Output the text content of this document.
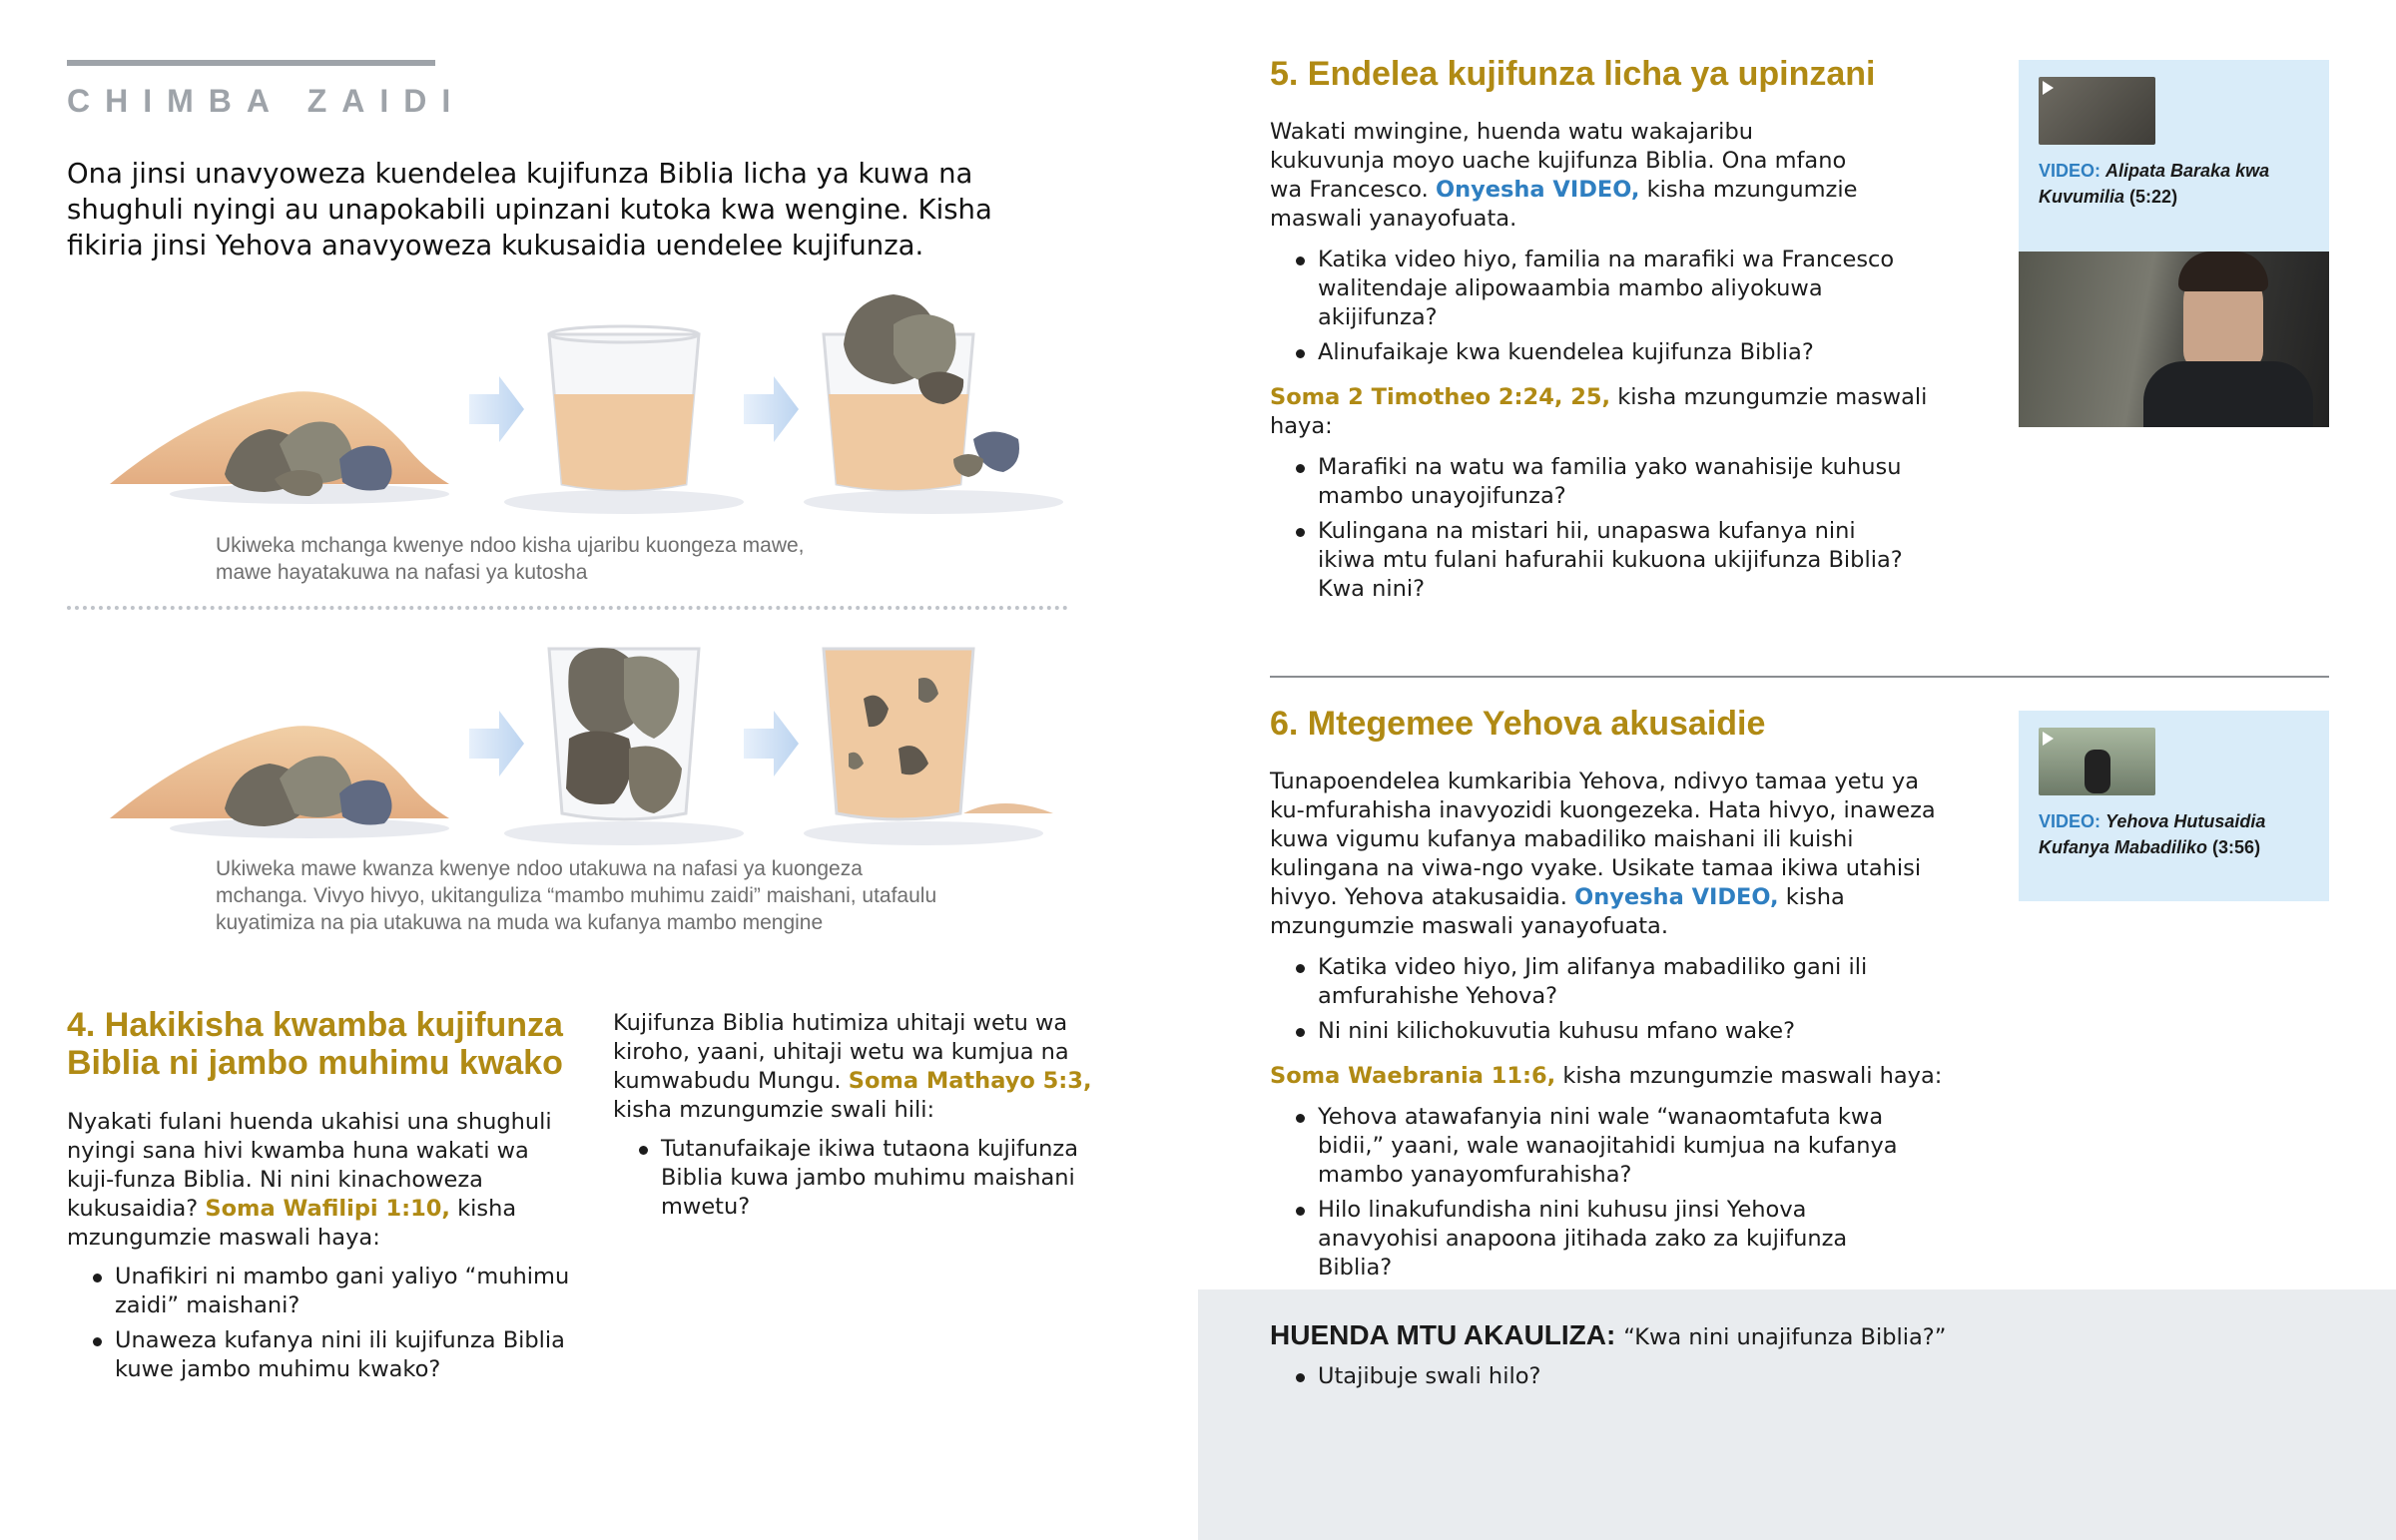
CHIMBA ZAIDI
Ona jinsi unavyoweza kuendelea kujifunza Biblia licha ya kuwa na shughuli nyingi au unapokabili upinzani kutoka kwa wengine. Kisha fikiria jinsi Yehova anavyoweza kukusaidia uendelee kujifunza.
Ukiweka mchanga kwenye ndoo kisha ujaribu kuongeza mawe, mawe hayatakuwa na nafasi ya kutosha
Ukiweka mawe kwanza kwenye ndoo utakuwa na nafasi ya kuongeza mchanga. Vivyo hivyo, ukitanguliza “mambo muhimu zaidi” maishani, utafaulu kuyatimiza na pia utakuwa na muda wa kufanya mambo mengine
4. Hakikisha kwamba kujifunza Biblia ni jambo muhimu kwako

Nyakati fulani huenda ukahisi una shughuli nyingi sana hivi kwamba huna wakati wa kuji-funza Biblia. Ni nini kinachoweza kukusaidia? Soma Wafilipi 1:10, kisha mzungumzie maswali haya:

Unafikiri ni mambo gani yaliyo “muhimu zaidi” maishani?
Unaweza kufanya nini ili kujifunza Biblia kuwe jambo muhimu kwako?

Kujifunza Biblia hutimiza uhitaji wetu wa kiroho, yaani, uhitaji wetu wa kumjua na kumwabudu Mungu. Soma Mathayo 5:3, kisha mzungumzie swali hili:

Tutanufaikaje ikiwa tutaona kujifunza Biblia kuwa jambo muhimu maishani mwetu?
5. Endelea kujifunza licha ya upinzani

Wakati mwingine, huenda watu wakajaribu kukuvunja moyo uache kujifunza Biblia. Ona mfano wa Francesco. Onyesha VIDEO, kisha mzungumzie maswali yanayofuata.

Katika video hiyo, familia na marafiki wa Francesco walitendaje alipowaambia mambo aliyokuwa akijifunza?
Alinufaikaje kwa kuendelea kujifunza Biblia?

Soma 2 Timotheo 2:24, 25, kisha mzungumzie maswali haya:

Marafiki na watu wa familia yako wanahisije kuhusu mambo unayojifunza?
Kulingana na mistari hii, unapaswa kufanya nini ikiwa mtu fulani hafurahii kukuona ukijifunza Biblia? Kwa nini?
VIDEO: Alipata Baraka kwa Kuvumilia (5:22)
6. Mtegemee Yehova akusaidie

Tunapoendelea kumkaribia Yehova, ndivyo tamaa yetu ya ku-mfurahisha inavyozidi kuongezeka. Hata hivyo, inaweza kuwa vigumu kufanya mabadiliko maishani ili kuishi kulingana na viwa-ngo vyake. Usikate tamaa ikiwa utahisi hivyo. Yehova atakusaidia. Onyesha VIDEO, kisha mzungumzie maswali yanayofuata.

Katika video hiyo, Jim alifanya mabadiliko gani ili amfurahishe Yehova?
Ni nini kilichokuvutia kuhusu mfano wake?

Soma Waebrania 11:6, kisha mzungumzie maswali haya:

Yehova atawafanyia nini wale “wanaomtafuta kwa bidii,” yaani, wale wanaojitahidi kumjua na kufanya mambo yanayomfurahisha?
Hilo linakufundisha nini kuhusu jinsi Yehova anavyohisi anapoona jitihada zako za kujifunza Biblia?
VIDEO: Yehova Hutusaidia Kufanya Mabadiliko (3:56)
HUENDA MTU AKAULIZA: “Kwa nini unajifunza Biblia?”
Utajibuje swali hilo?
